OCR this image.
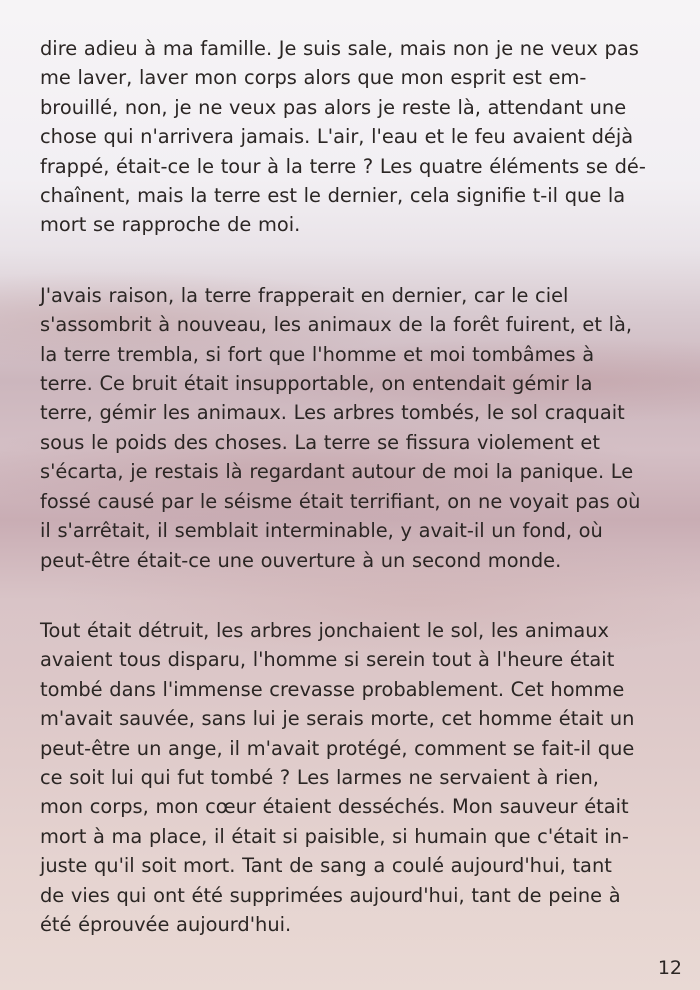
dire adieu à ma famille. Je suis sale, mais non je ne veux pas
me laver, laver mon corps alors que mon esprit est em-
brouillé, non, je ne veux pas alors je reste là, attendant une
chose qui n'arrivera jamais. L'air, l'eau et le feu avaient déjà
frappé, était-ce le tour à la terre ? Les quatre éléments se dé-
chaînent, mais la terre est le dernier, cela signifie t-il que la
mort se rapproche de moi.

J'avais raison, la terre frapperait en dernier, car le ciel
s'assombrit à nouveau, les animaux de la forêt fuirent, et là,
la terre trembla, si fort que l'homme et moi tombâmes à
terre. Ce bruit était insupportable, on entendait gémir la
terre, gémir les animaux. Les arbres tombés, le sol craquait
sous le poids des choses. La terre se fissura violement et
s'écarta, je restais là regardant autour de moi la panique. Le
fossé causé par le séisme était terrifiant, on ne voyait pas où
il s'arrêtait, il semblait interminable, y avait-il un fond, où
peut-être était-ce une ouverture à un second monde.

Tout était détruit, les arbres jonchaient le sol, les animaux
avaient tous disparu, l'homme si serein tout à l'heure était
tombé dans l'immense crevasse probablement. Cet homme
m'avait sauvée, sans lui je serais morte, cet homme était un
peut-être un ange, il m'avait protégé, comment se fait-il que
ce soit lui qui fut tombé ? Les larmes ne servaient à rien,
mon corps, mon cœur étaient desséchés. Mon sauveur était
mort à ma place, il était si paisible, si humain que c'était in-
juste qu'il soit mort. Tant de sang a coulé aujourd'hui, tant
de vies qui ont été supprimées aujourd'hui, tant de peine à
été éprouvée aujourd'hui.

12
